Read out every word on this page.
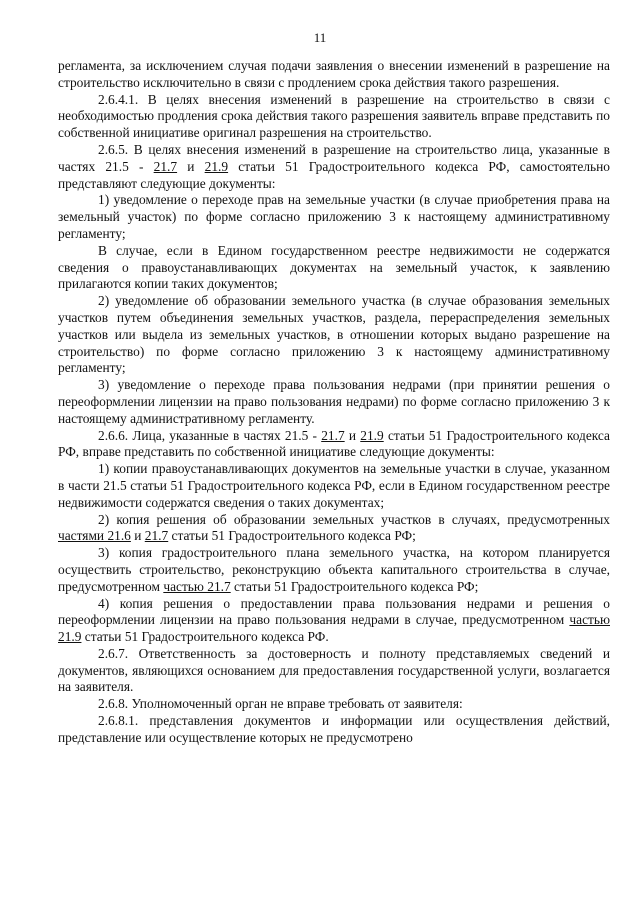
11

регламента, за исключением случая подачи заявления о внесении изменений в разрешение на строительство исключительно в связи с продлением срока действия такого разрешения.

2.6.4.1. В целях внесения изменений в разрешение на строительство в связи с необходимостью продления срока действия такого разрешения заявитель вправе представить по собственной инициативе оригинал разрешения на строительство.

2.6.5. В целях внесения изменений в разрешение на строительство лица, указанные в частях 21.5 - 21.7 и 21.9 статьи 51 Градостроительного кодекса РФ, самостоятельно представляют следующие документы:

1) уведомление о переходе прав на земельные участки (в случае приобретения права на земельный участок) по форме согласно приложению 3 к настоящему административному регламенту;

В случае, если в Едином государственном реестре недвижимости не содержатся сведения о правоустанавливающих документах на земельный участок, к заявлению прилагаются копии таких документов;

2) уведомление об образовании земельного участка (в случае образования земельных участков путем объединения земельных участков, раздела, перераспределения земельных участков или выдела из земельных участков, в отношении которых выдано разрешение на строительство) по форме согласно приложению 3 к настоящему административному регламенту;

3) уведомление о переходе права пользования недрами (при принятии решения о переоформлении лицензии на право пользования недрами) по форме согласно приложению 3 к настоящему административному регламенту.

2.6.6. Лица, указанные в частях 21.5 - 21.7 и 21.9 статьи 51 Градостроительного кодекса РФ, вправе представить по собственной инициативе следующие документы:

1) копии правоустанавливающих документов на земельные участки в случае, указанном в части 21.5 статьи 51 Градостроительного кодекса РФ, если в Едином государственном реестре недвижимости содержатся сведения о таких документах;

2) копия решения об образовании земельных участков в случаях, предусмотренных частями 21.6 и 21.7 статьи 51 Градостроительного кодекса РФ;

3) копия градостроительного плана земельного участка, на котором планируется осуществить строительство, реконструкцию объекта капитального строительства в случае, предусмотренном частью 21.7 статьи 51 Градостроительного кодекса РФ;

4) копия решения о предоставлении права пользования недрами и решения о переоформлении лицензии на право пользования недрами в случае, предусмотренном частью 21.9 статьи 51 Градостроительного кодекса РФ.

2.6.7. Ответственность за достоверность и полноту представляемых сведений и документов, являющихся основанием для предоставления государственной услуги, возлагается на заявителя.

2.6.8. Уполномоченный орган не вправе требовать от заявителя:

2.6.8.1. представления документов и информации или осуществления действий, представление или осуществление которых не предусмотрено
